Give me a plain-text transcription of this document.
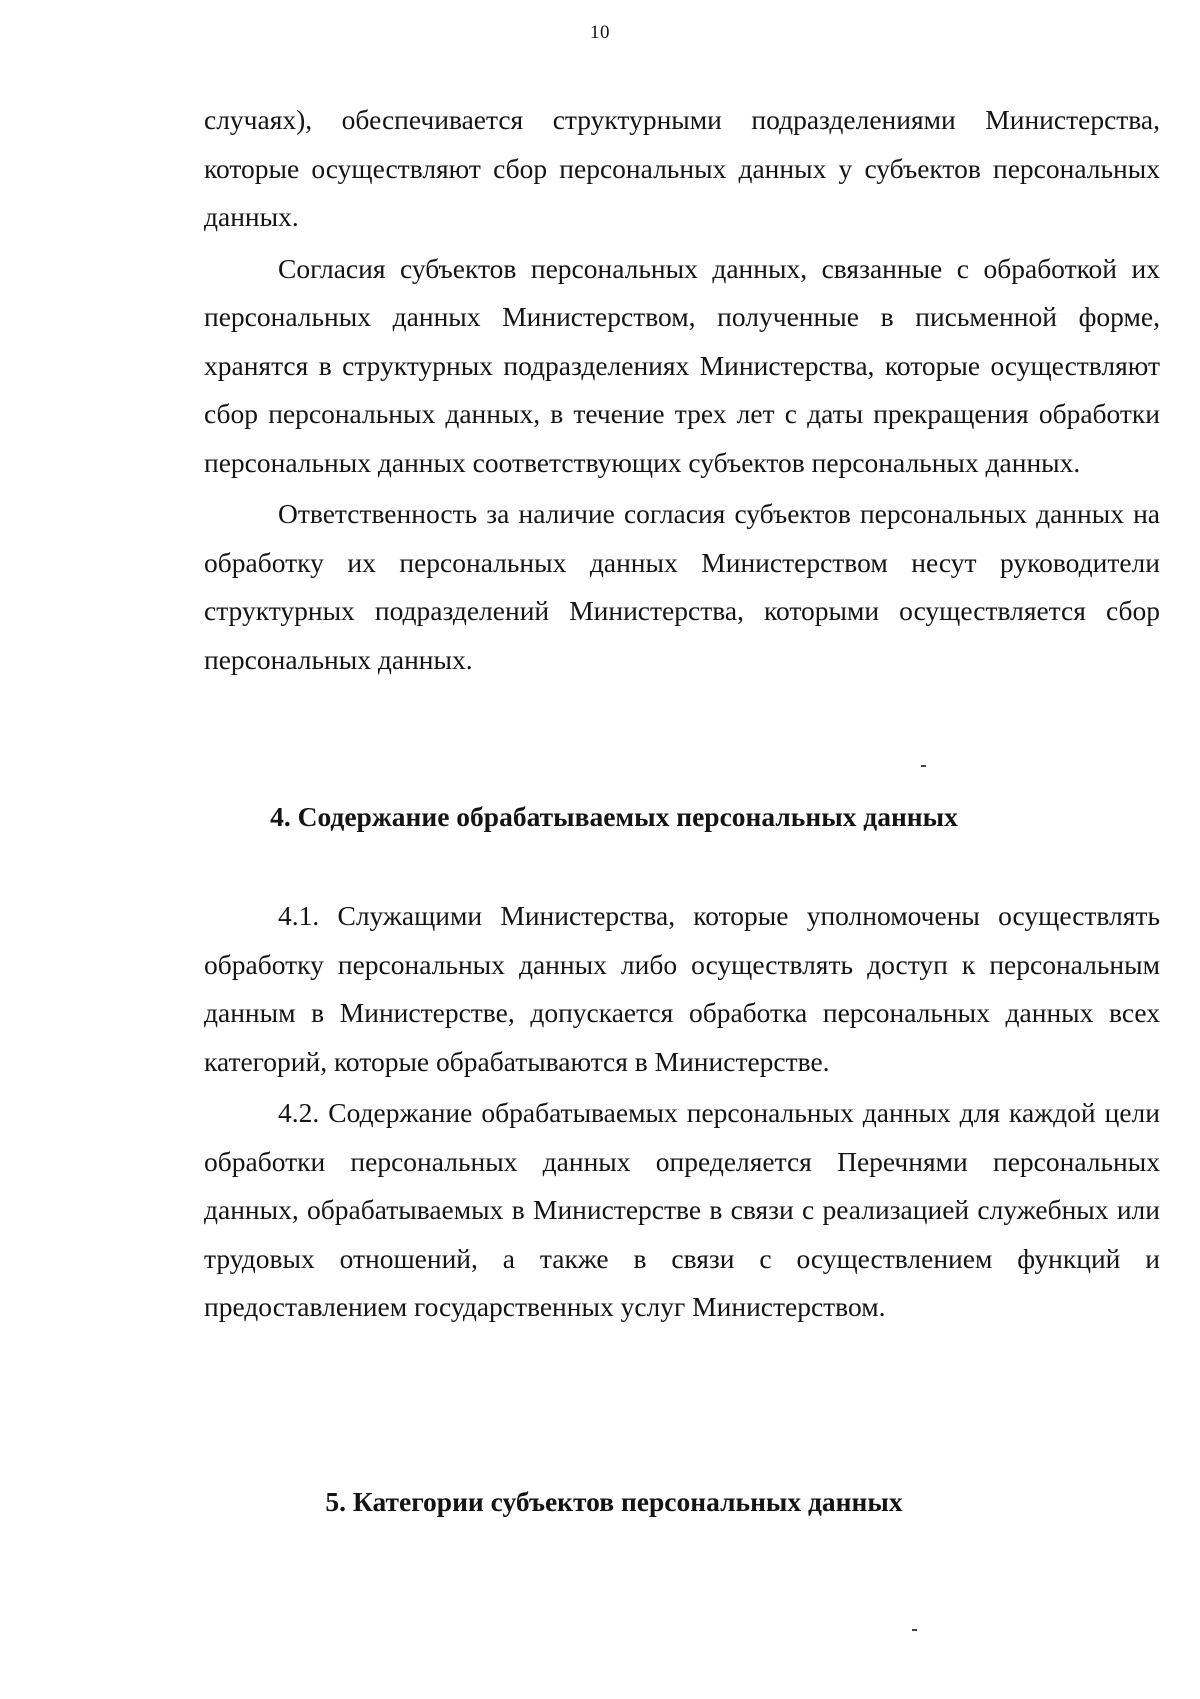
10

случаях), обеспечивается структурными подразделениями Министерства, которые осуществляют сбор персональных данных у субъектов персональных данных.

Согласия субъектов персональных данных, связанные с обработкой их персональных данных Министерством, полученные в письменной форме, хранятся в структурных подразделениях Министерства, которые осуществляют сбор персональных данных, в течение трех лет с даты прекращения обработки персональных данных соответствующих субъектов персональных данных.

Ответственность за наличие согласия субъектов персональных данных на обработку их персональных данных Министерством несут руководители структурных подразделений Министерства, которыми осуществляется сбор персональных данных.

4. Содержание обрабатываемых персональных данных

4.1. Служащими Министерства, которые уполномочены осуществлять обработку персональных данных либо осуществлять доступ к персональным данным в Министерстве, допускается обработка персональных данных всех категорий, которые обрабатываются в Министерстве.

4.2. Содержание обрабатываемых персональных данных для каждой цели обработки персональных данных определяется Перечнями персональных данных, обрабатываемых в Министерстве в связи с реализацией служебных или трудовых отношений, а также в связи с осуществлением функций и предоставлением государственных услуг Министерством.

5. Категории субъектов персональных данных
